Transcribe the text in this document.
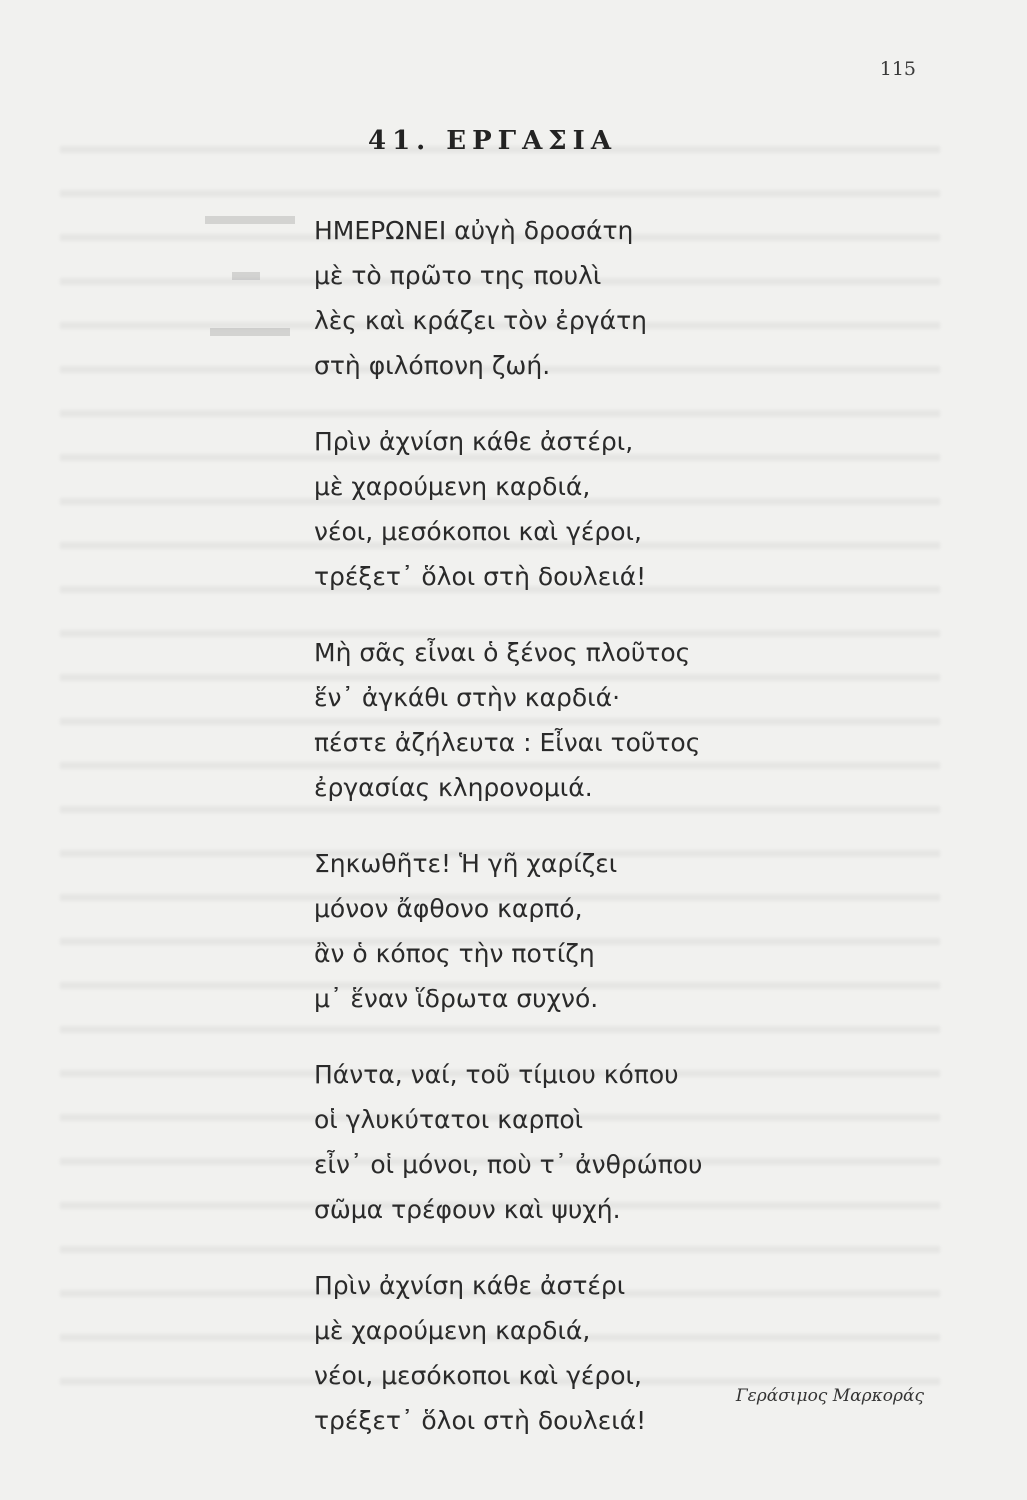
115
41. ΕΡΓΑΣΙΑ
ΗΜΕΡΩΝΕΙ αὐγὴ δροσάτη
μὲ τὸ πρῶτο της πουλὶ
λὲς καὶ κράζει τὸν ἐργάτη
στὴ φιλόπονη ζωή.
Πρὶν ἀχνίση κάθε ἀστέρι,
μὲ χαρούμενη καρδιά,
νέοι, μεσόκοποι καὶ γέροι,
τρέξετ᾿ ὅλοι στὴ δουλειά!
Μὴ σᾶς εἶναι ὁ ξένος πλοῦτος
ἕν᾿ ἀγκάθι στὴν καρδιά·
πέστε ἀζήλευτα : Εἶναι τοῦτος
ἐργασίας κληρονομιά.
Σηκωθῆτε! Ἡ γῆ χαρίζει
μόνον ἄφθονο καρπό,
ἂν ὁ κόπος τὴν ποτίζη
μ᾿ ἕναν ἵδρωτα συχνό.
Πάντα, ναί, τοῦ τίμιου κόπου
οἱ γλυκύτατοι καρποὶ
εἶν᾿ οἱ μόνοι, ποὺ τ᾿ ἀνθρώπου
σῶμα τρέφουν καὶ ψυχή.
Πρὶν ἀχνίση κάθε ἀστέρι
μὲ χαρούμενη καρδιά,
νέοι, μεσόκοποι καὶ γέροι,
τρέξετ᾿ ὅλοι στὴ δουλειά!
Γεράσιμος Μαρκοράς
